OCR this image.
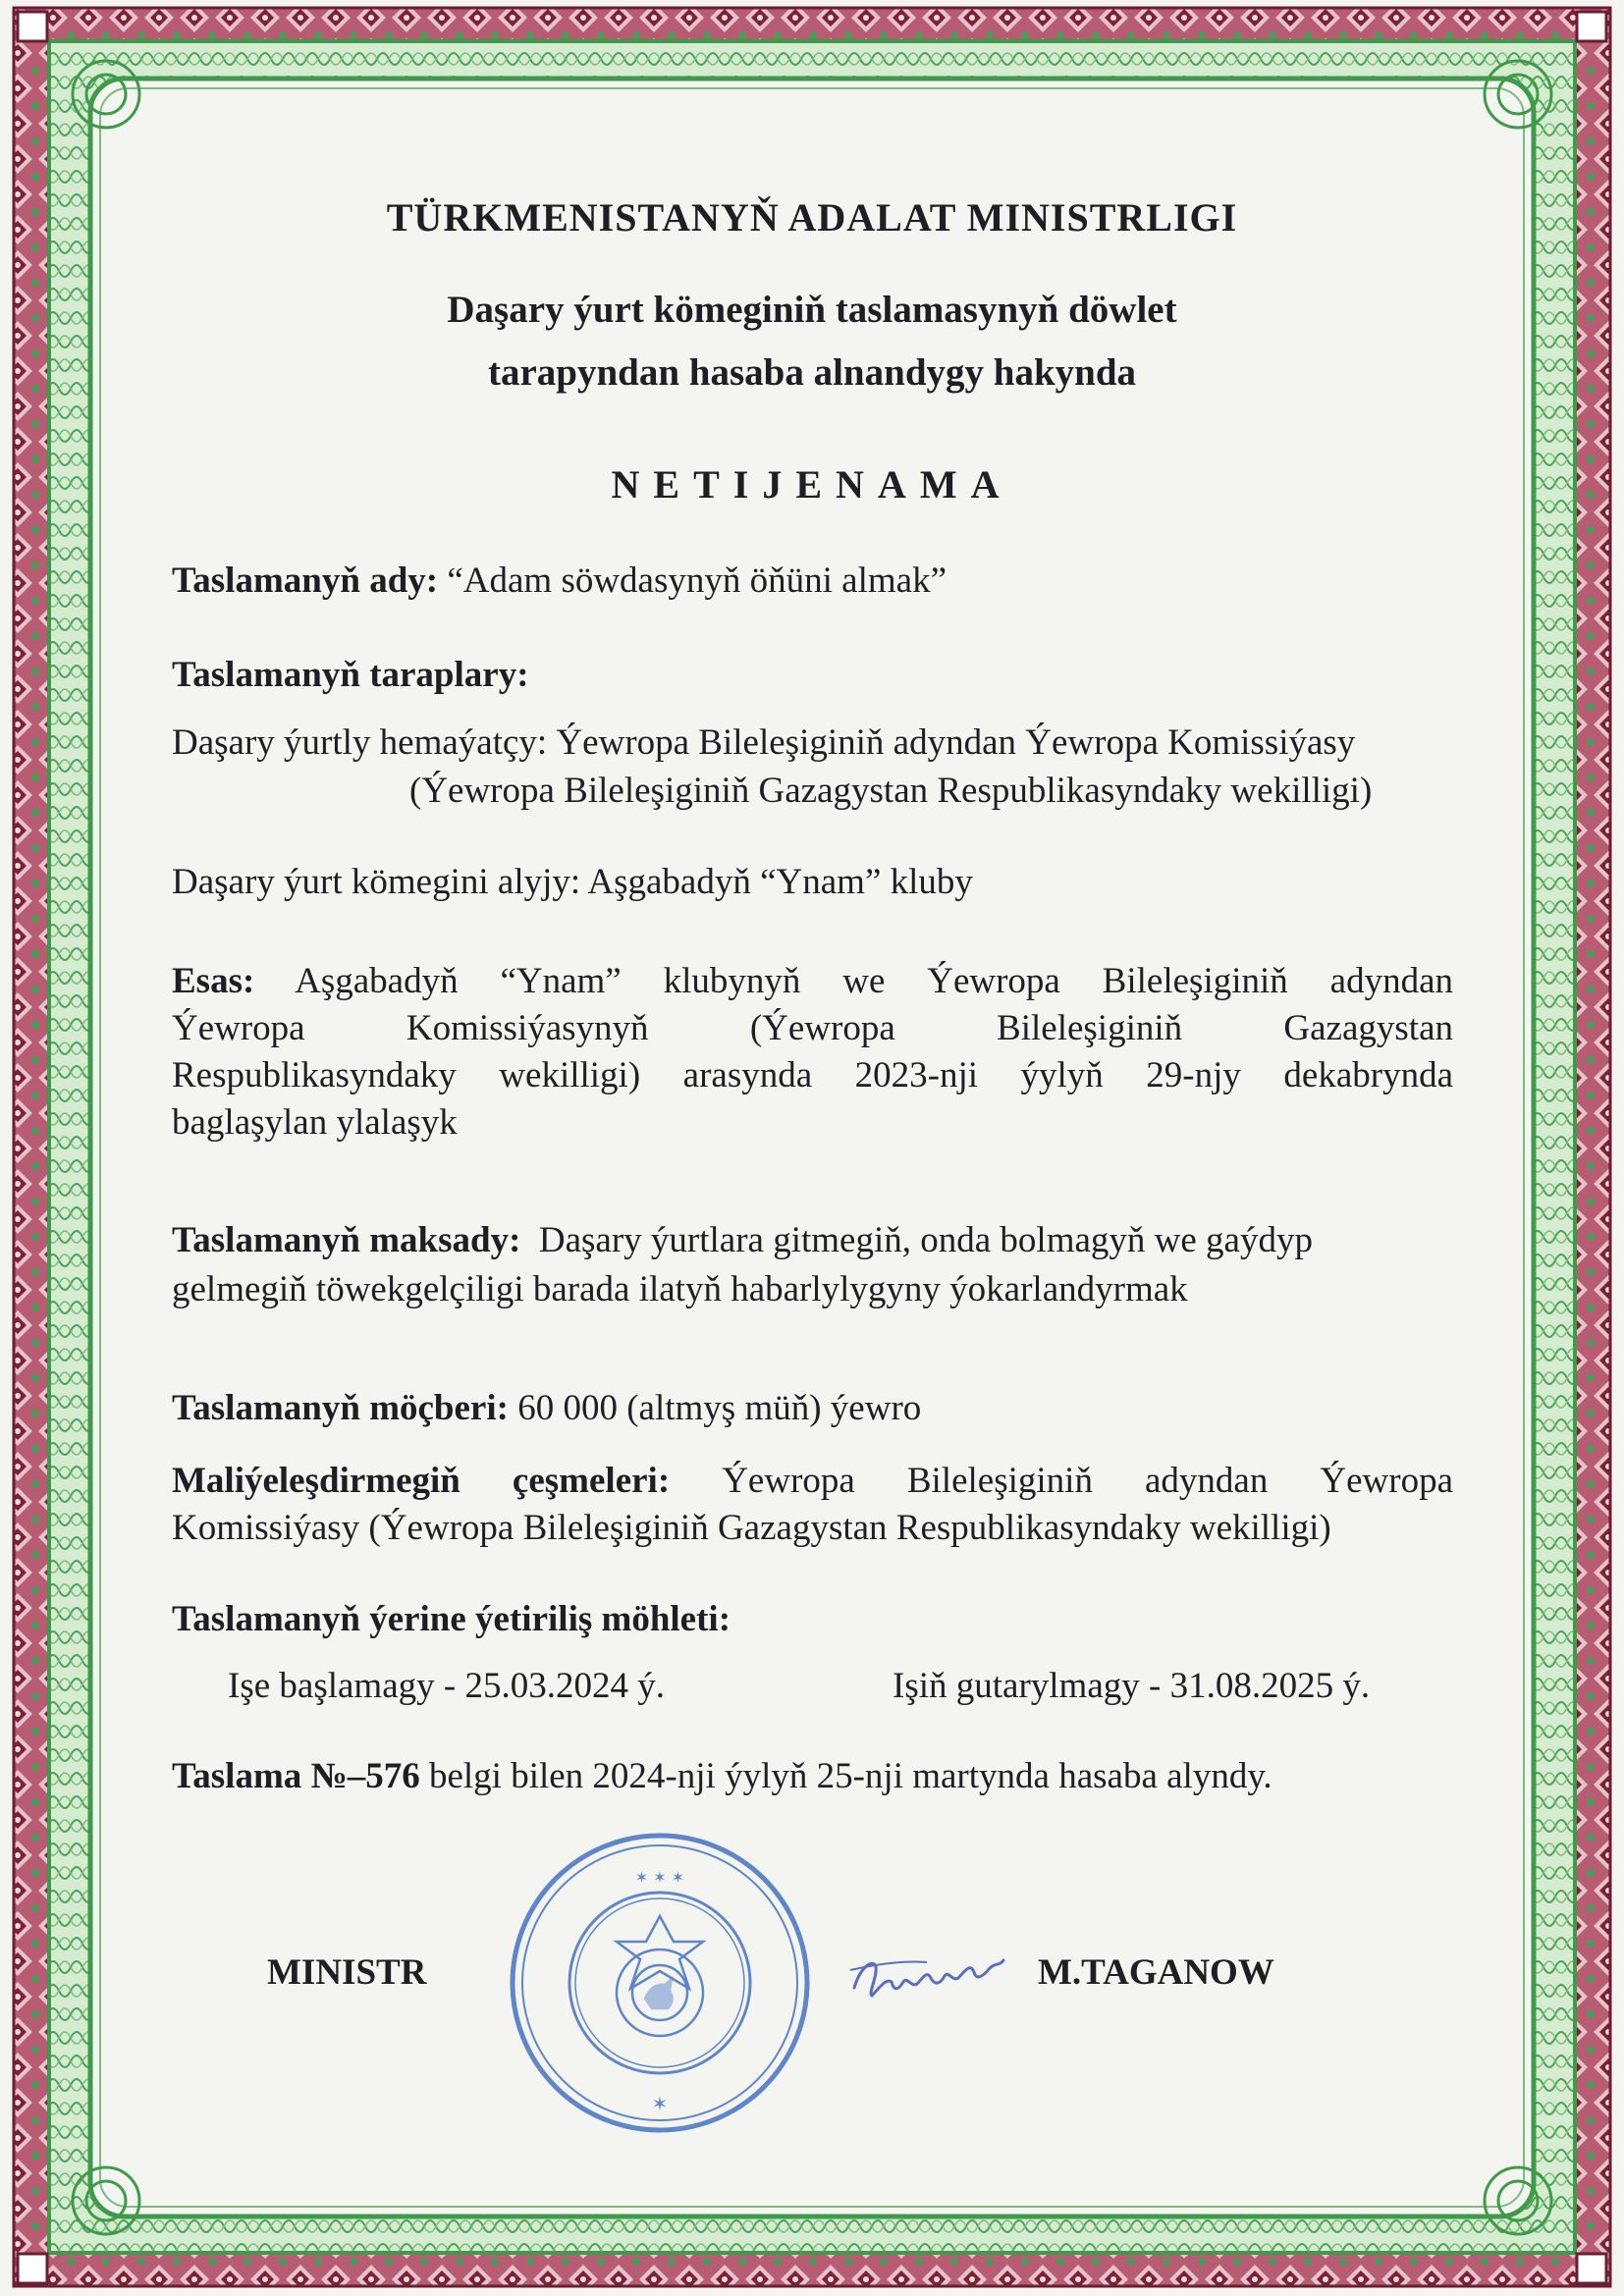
TÜRKMENISTANYŇ ADALAT MINISTRLIGI
Daşary ýurt kömeginiň taslamasynyň döwlet
tarapyndan hasaba alnandygy hakynda
NETIJENAMA
Taslamanyň ady: “Adam söwdasynyň öňüni almak”
Taslamanyň taraplary:
Daşary ýurtly hemaýatçy: Ýewropa Bileleşiginiň adyndan Ýewropa Komissiýasy
(Ýewropa Bileleşiginiň Gazagystan Respublikasyndaky wekilligi)
Daşary ýurt kömegini alyjy: Aşgabadyň “Ynam” kluby
Esas: Aşgabadyň “Ynam” klubynyň we Ýewropa Bileleşiginiň adyndan
Ýewropa Komissiýasynyň (Ýewropa Bileleşiginiň Gazagystan
Respublikasyndaky wekilligi) arasynda 2023-nji ýylyň 29-njy dekabrynda
baglaşylan ylalaşyk
Taslamanyň maksady: Daşary ýurtlara gitmegiň, onda bolmagyň we gaýdyp
gelmegiň töwekgelçiligi barada ilatyň habarlylygyny ýokarlandyrmak
Taslamanyň möçberi: 60 000 (altmyş müň) ýewro
Maliýeleşdirmegiň çeşmeleri: Ýewropa Bileleşiginiň adyndan Ýewropa
Komissiýasy (Ýewropa Bileleşiginiň Gazagystan Respublikasyndaky wekilligi)
Taslamanyň ýerine ýetiriliş möhleti:
Işe başlamagy - 25.03.2024 ý.	Işiň gutarylmagy - 31.08.2025 ý.
Taslama №–576 belgi bilen 2024-nji ýylyň 25-nji martynda hasaba alyndy.
MINISTR	M.TAGANOW
✶ ✶ ✶
✶
